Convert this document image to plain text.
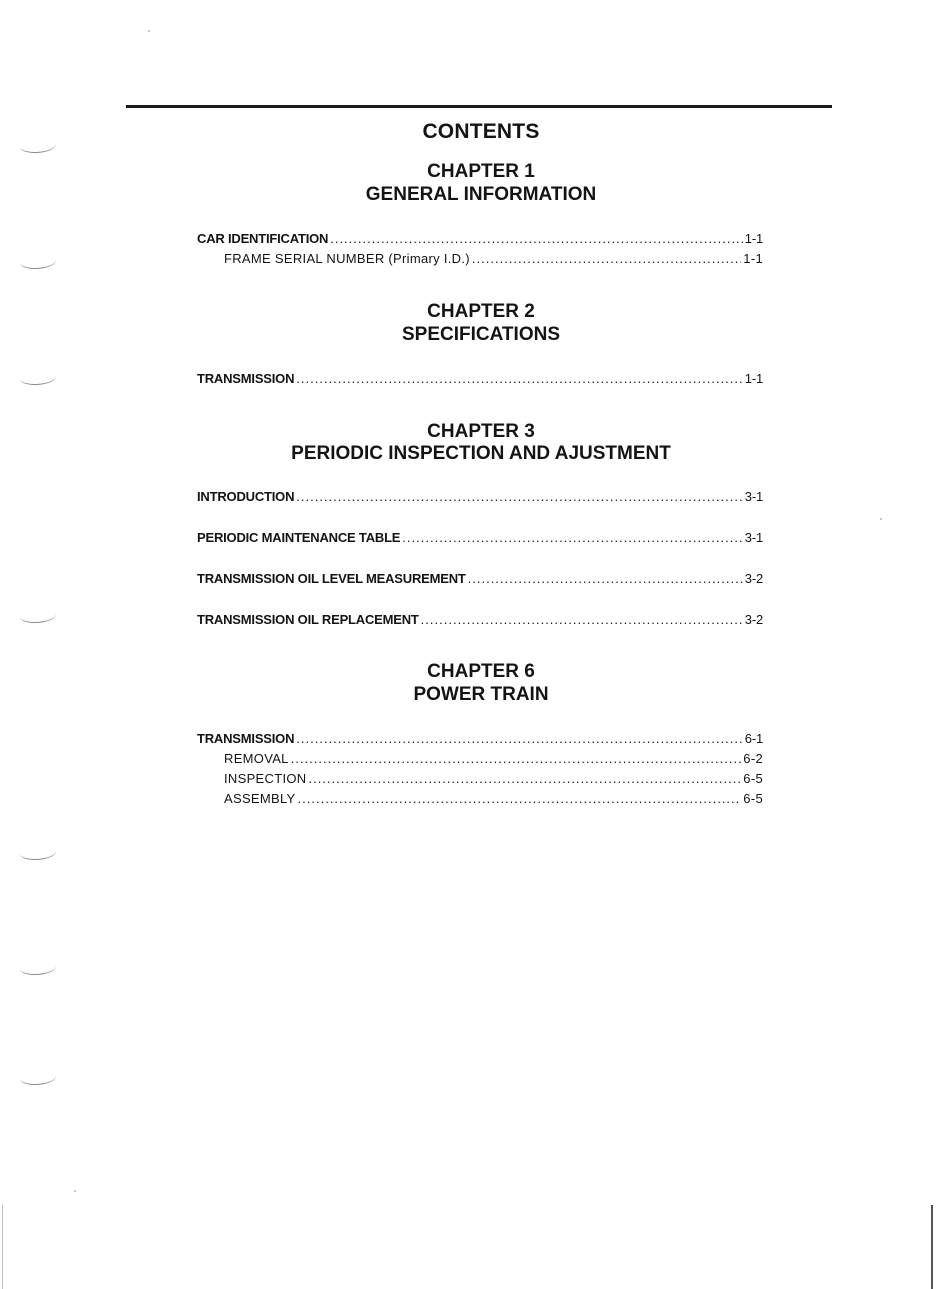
CONTENTS
CHAPTER 1
GENERAL INFORMATION
CAR IDENTIFICATION .....	1-1
FRAME SERIAL NUMBER (Primary I.D.) .....	1-1
CHAPTER 2
SPECIFICATIONS
TRANSMISSION .....	1-1
CHAPTER 3
PERIODIC INSPECTION AND AJUSTMENT
INTRODUCTION .....	3-1
PERIODIC MAINTENANCE TABLE .....	3-1
TRANSMISSION OIL LEVEL MEASUREMENT .....	3-2
TRANSMISSION OIL REPLACEMENT .....	3-2
CHAPTER 6
POWER TRAIN
TRANSMISSION .....	6-1
REMOVAL .....	6-2
INSPECTION .....	6-5
ASSEMBLY .....	6-5
